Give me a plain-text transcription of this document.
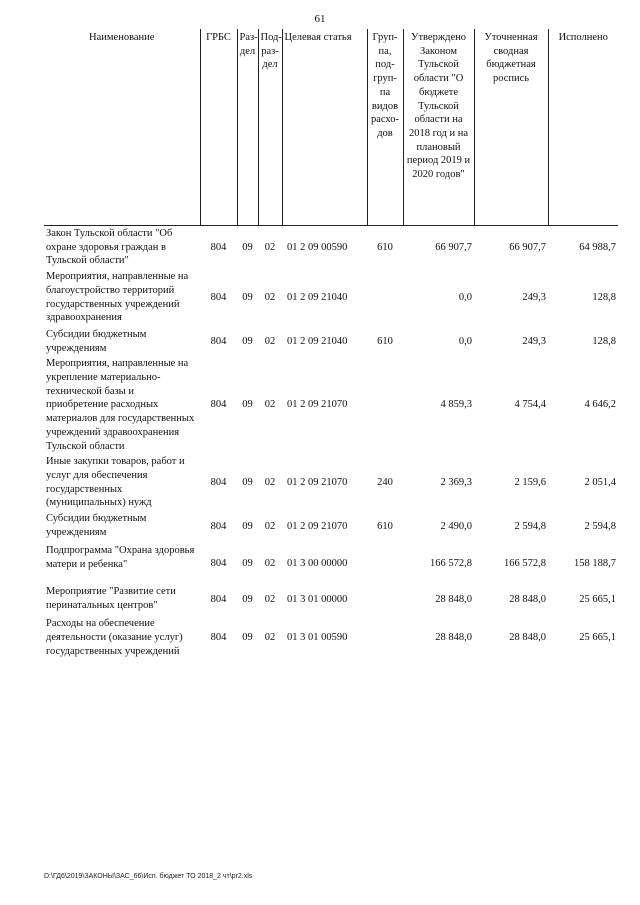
61
Наименование	ГРБС	Раз-дел	Под-раз-дел	Целевая статья	Груп-па, под-груп-па видов расхо-дов	Утверждено Законом Тульской области "О бюджете Тульской области на 2018 год и на плановый период 2019 и 2020 годов"	Уточненная сводная бюджетная роспись	Исполнено
Закон Тульской области "Об охране здоровья граждан в Тульской области"	804	09	02	01 2 09 00590	610	66 907,7	66 907,7	64 988,7
Мероприятия, направленные на благоустройство территорий государственных учреждений здравоохранения	804	09	02	01 2 09 21040		0,0	249,3	128,8
Субсидии бюджетным учреждениям	804	09	02	01 2 09 21040	610	0,0	249,3	128,8
Мероприятия, направленные на укрепление материально-технической базы и приобретение расходных материалов для государственных учреждений здравоохранения Тульской области	804	09	02	01 2 09 21070		4 859,3	4 754,4	4 646,2
Иные закупки товаров, работ и услуг для обеспечения государственных (муниципальных) нужд	804	09	02	01 2 09 21070	240	2 369,3	2 159,6	2 051,4
Субсидии бюджетным учреждениям	804	09	02	01 2 09 21070	610	2 490,0	2 594,8	2 594,8
Подпрограмма "Охрана здоровья матери и ребенка"	804	09	02	01 3 00 00000		166 572,8	166 572,8	158 188,7
Мероприятие "Развитие сети перинатальных центров"	804	09	02	01 3 01 00000		28 848,0	28 848,0	25 665,1
Расходы на обеспечение деятельности (оказание услуг) государственных учреждений	804	09	02	01 3 01 00590		28 848,0	28 848,0	25 665,1
D:\ГД6\2019\ЗАКОНЫ\ЗАС_66\Исп. бюджет ТО 2018_2 чт\pr2.xls
